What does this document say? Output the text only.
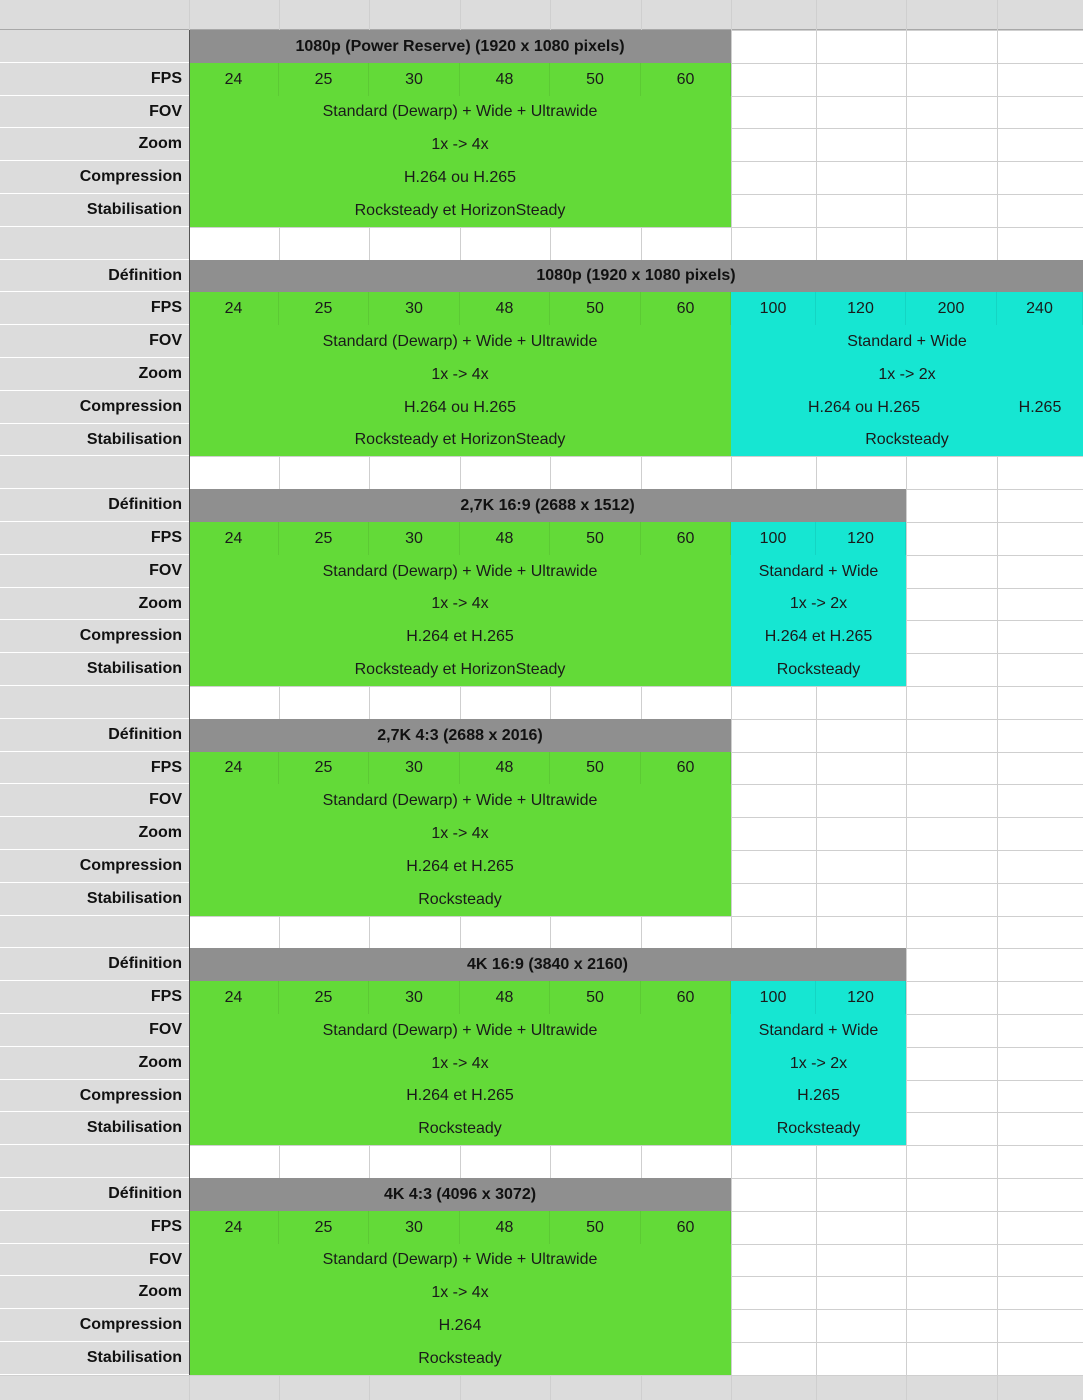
1080p (Power Reserve) (1920 x 1080 pixels)
FPS	24	25	30	48	50	60
FOV	Standard (Dewarp) + Wide + Ultrawide
Zoom	1x -> 4x
Compression	H.264 ou H.265
Stabilisation	Rocksteady et HorizonSteady
Définition	1080p (1920 x 1080 pixels)
FPS	24	25	30	48	50	60	100	120	200	240
FOV	Standard (Dewarp) + Wide + Ultrawide	Standard + Wide
Zoom	1x -> 4x	1x -> 2x
Compression	H.264 ou H.265	H.264 ou H.265	H.265
Stabilisation	Rocksteady et HorizonSteady	Rocksteady
Définition	2,7K 16:9 (2688 x 1512)
FPS	24	25	30	48	50	60	100	120
FOV	Standard (Dewarp) + Wide + Ultrawide	Standard + Wide
Zoom	1x -> 4x	1x -> 2x
Compression	H.264 et H.265	H.264 et H.265
Stabilisation	Rocksteady et HorizonSteady	Rocksteady
Définition	2,7K 4:3 (2688 x 2016)
FPS	24	25	30	48	50	60
FOV	Standard (Dewarp) + Wide + Ultrawide
Zoom	1x -> 4x
Compression	H.264 et H.265
Stabilisation	Rocksteady
Définition	4K 16:9 (3840 x 2160)
FPS	24	25	30	48	50	60	100	120
FOV	Standard (Dewarp) + Wide + Ultrawide	Standard + Wide
Zoom	1x -> 4x	1x -> 2x
Compression	H.264 et H.265	H.265
Stabilisation	Rocksteady	Rocksteady
Définition	4K 4:3 (4096 x 3072)
FPS	24	25	30	48	50	60
FOV	Standard (Dewarp) + Wide + Ultrawide
Zoom	1x -> 4x
Compression	H.264
Stabilisation	Rocksteady
